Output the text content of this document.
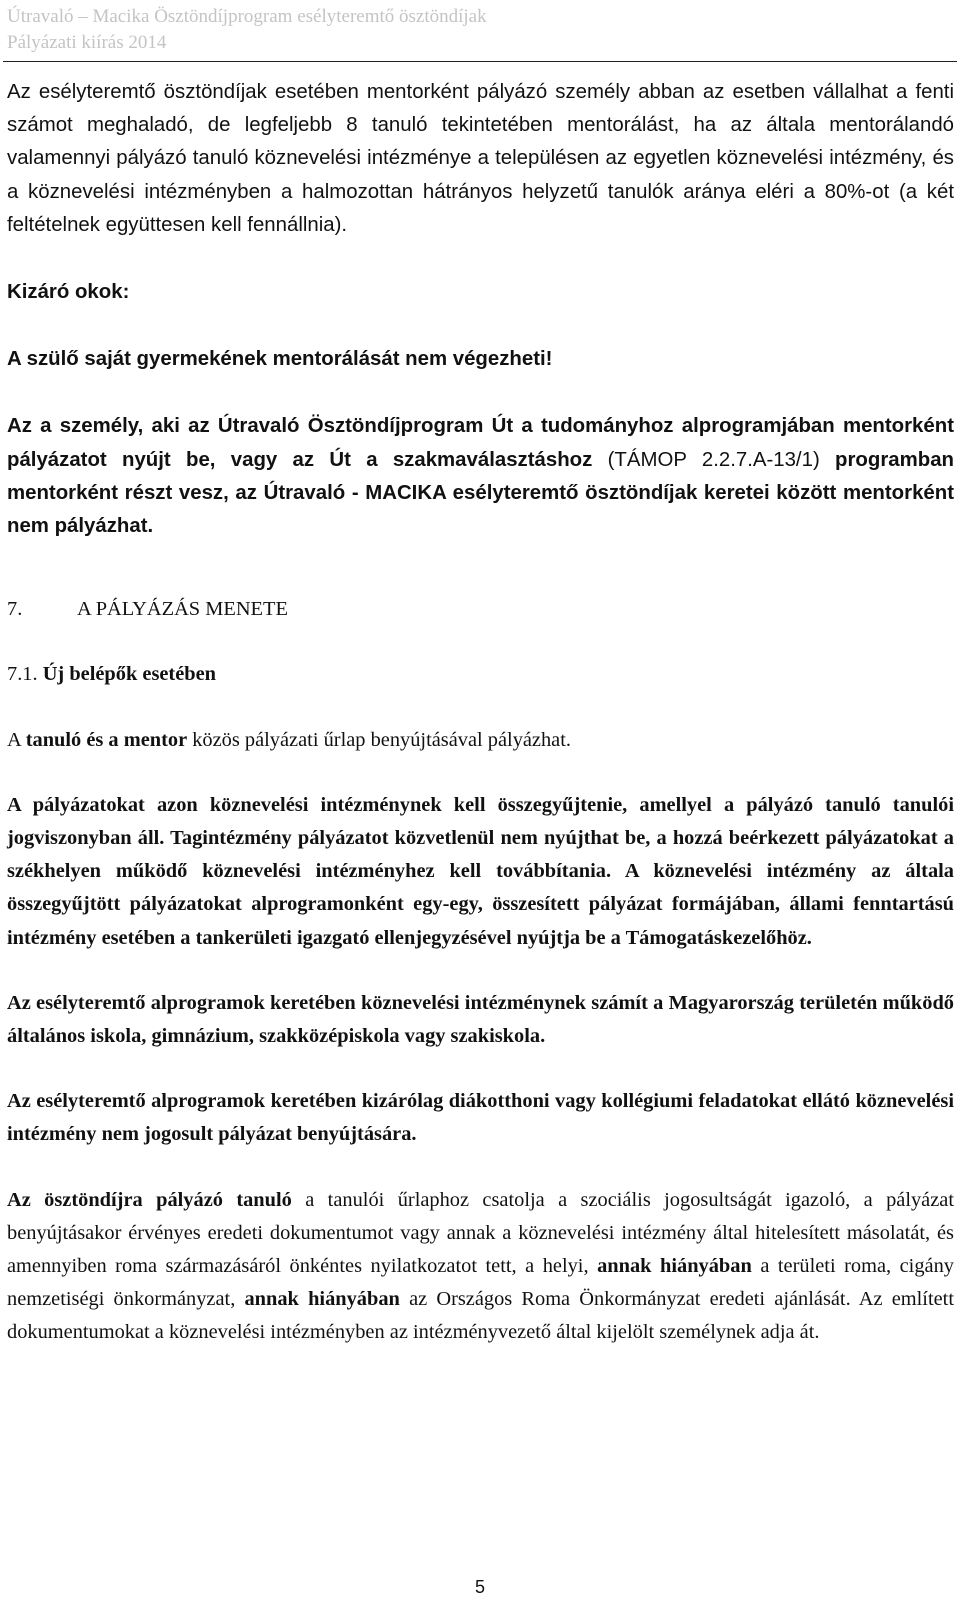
Útravaló – Macika Ösztöndíjprogram esélyteremtő ösztöndíjak
Pályázati kiírás 2014

Az esélyteremtő ösztöndíjak esetében mentorként pályázó személy abban az esetben vállalhat a fenti számot meghaladó, de legfeljebb 8 tanuló tekintetében mentorálást, ha az általa mentorálandó valamennyi pályázó tanuló köznevelési intézménye a településen az egyetlen köznevelési intézmény, és a köznevelési intézményben a halmozottan hátrányos helyzetű tanulók aránya eléri a 80%-ot (a két feltételnek együttesen kell fennállnia).

Kizáró okok:

A szülő saját gyermekének mentorálását nem végezheti!

Az a személy, aki az Útravaló Ösztöndíjprogram Út a tudományhoz alprogramjában mentorként pályázatot nyújt be, vagy az Út a szakmaválasztáshoz (TÁMOP 2.2.7.A-13/1) programban mentorként részt vesz, az Útravaló - MACIKA esélyteremtő ösztöndíjak keretei között mentorként nem pályázhat.

7.	A PÁLYÁZÁS MENETE

7.1. Új belépők esetében

A tanuló és a mentor közös pályázati űrlap benyújtásával pályázhat.

A pályázatokat azon köznevelési intézménynek kell összegyűjtenie, amellyel a pályázó tanuló tanulói jogviszonyban áll. Tagintézmény pályázatot közvetlenül nem nyújthat be, a hozzá beérkezett pályázatokat a székhelyen működő köznevelési intézményhez kell továbbítania. A köznevelési intézmény az általa összegyűjtött pályázatokat alprogramonként egy-egy, összesített pályázat formájában, állami fenntartású intézmény esetében a tankerületi igazgató ellenjegyzésével nyújtja be a Támogatáskezelőhöz.

Az esélyteremtő alprogramok keretében köznevelési intézménynek számít a Magyarország területén működő általános iskola, gimnázium, szakközépiskola vagy szakiskola.

Az esélyteremtő alprogramok keretében kizárólag diákotthoni vagy kollégiumi feladatokat ellátó köznevelési intézmény nem jogosult pályázat benyújtására.

Az ösztöndíjra pályázó tanuló a tanulói űrlaphoz csatolja a szociális jogosultságát igazoló, a pályázat benyújtásakor érvényes eredeti dokumentumot vagy annak a köznevelési intézmény által hitelesített másolatát, és amennyiben roma származásáról önkéntes nyilatkozatot tett, a helyi, annak hiányában a területi roma, cigány nemzetiségi önkormányzat, annak hiányában az Országos Roma Önkormányzat eredeti ajánlását. Az említett dokumentumokat a köznevelési intézményben az intézményvezető által kijelölt személynek adja át.

5
